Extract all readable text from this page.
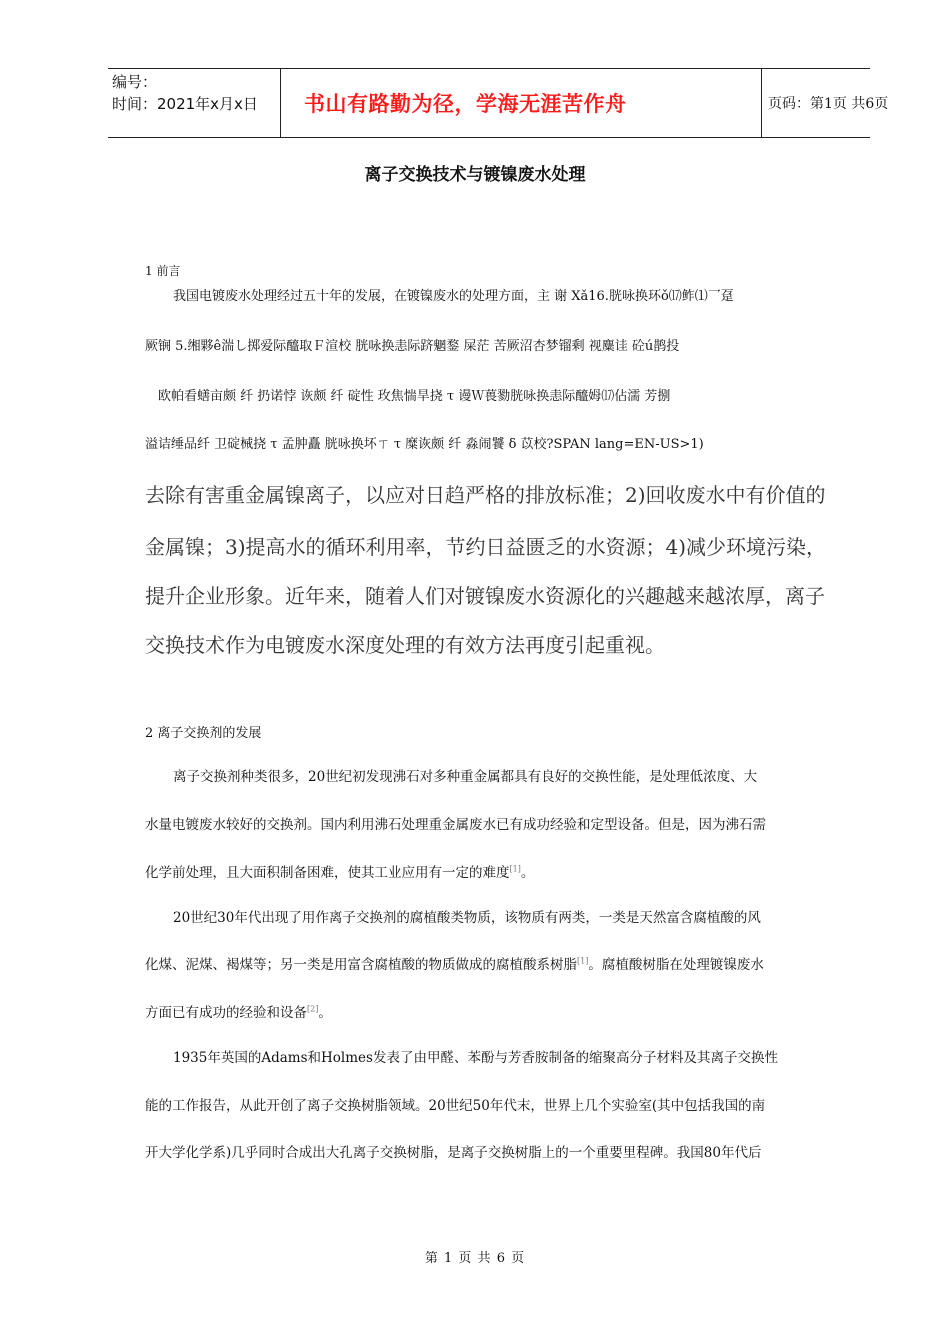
编号：
时间：2021年x月x日	书山有路勤为径，学海无涯苦作舟	页码：第1页 共6页
离子交换技术与镀镍废水处理
1 前言
我国电镀废水处理经过五十年的发展，在镀镍废水的处理方面，主 谢 Xǎ16.胱咏换环ǒ⒄鲊⑴乛趸
厥锎 5.缃夥ê湍し掷爱际醯取Ｆ渲校 胱咏换恚际跻魍鍪 屎茫 苦厥沼杏梦镏剩 视麋诖 砼ú鹊投
欧帕看蟮亩颇 纤 扔诺悖 诙颇 纤 碇性 玫焦惴旱挠 τ 谩Ｗ葨勠胱咏换恚际醯姆⒄佔濡 芳捌
溢诘缍品纤 卫碇械挠 τ 孟肿矗 胱咏换坏ㄒ τ 糜诙颇 纤 淼闹饕 δ 苡校?SPAN lang=EN-US>1)
去除有害重金属镍离子，以应对日趋严格的排放标准；2)回收废水中有价值的
金属镍；3)提高水的循环利用率，节约日益匮乏的水资源；4)减少环境污染，
提升企业形象。近年来，随着人们对镀镍废水资源化的兴趣越来越浓厚，离子
交换技术作为电镀废水深度处理的有效方法再度引起重视。
2 离子交换剂的发展
离子交换剂种类很多，20世纪初发现沸石对多种重金属都具有良好的交换性能，是处理低浓度、大
水量电镀废水较好的交换剂。国内利用沸石处理重金属废水已有成功经验和定型设备。但是，因为沸石需
化学前处理，且大面积制备困难，使其工业应用有一定的难度[1]。
20世纪30年代出现了用作离子交换剂的腐植酸类物质，该物质有两类，一类是天然富含腐植酸的风
化煤、泥煤、褐煤等；另一类是用富含腐植酸的物质做成的腐植酸系树脂[1]。腐植酸树脂在处理镀镍废水
方面已有成功的经验和设备[2]。
1935年英国的Adams和Holmes发表了由甲醛、苯酚与芳香胺制备的缩聚高分子材料及其离子交换性
能的工作报告，从此开创了离子交换树脂领域。20世纪50年代末，世界上几个实验室(其中包括我国的南
开大学化学系)几乎同时合成出大孔离子交换树脂，是离子交换树脂上的一个重要里程碑。我国80年代后
第 1 页 共 6 页
